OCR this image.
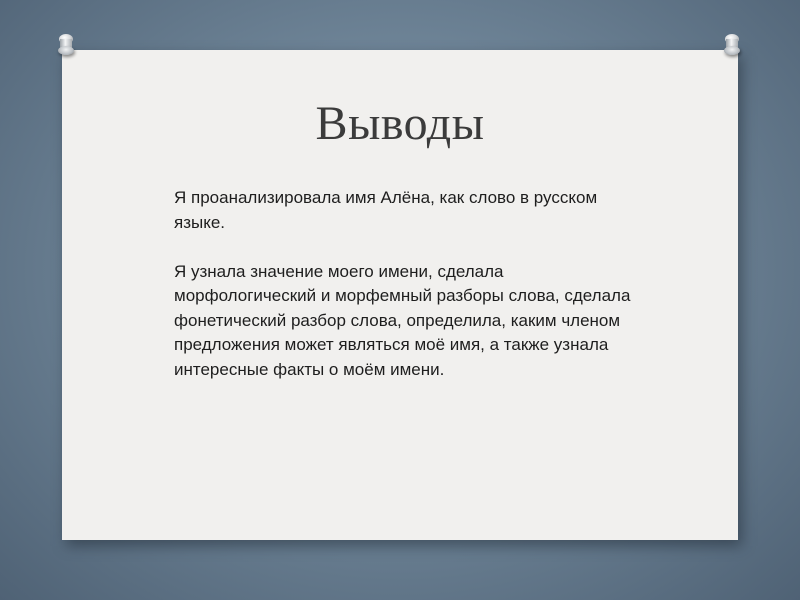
Выводы

Я проанализировала имя Алёна, как слово в русском языке.

Я узнала значение моего имени, сделала морфологический и морфемный разборы слова, сделала фонетический разбор слова, определила, каким членом предложения может являться моё имя, а также узнала интересные факты о моём имени.
